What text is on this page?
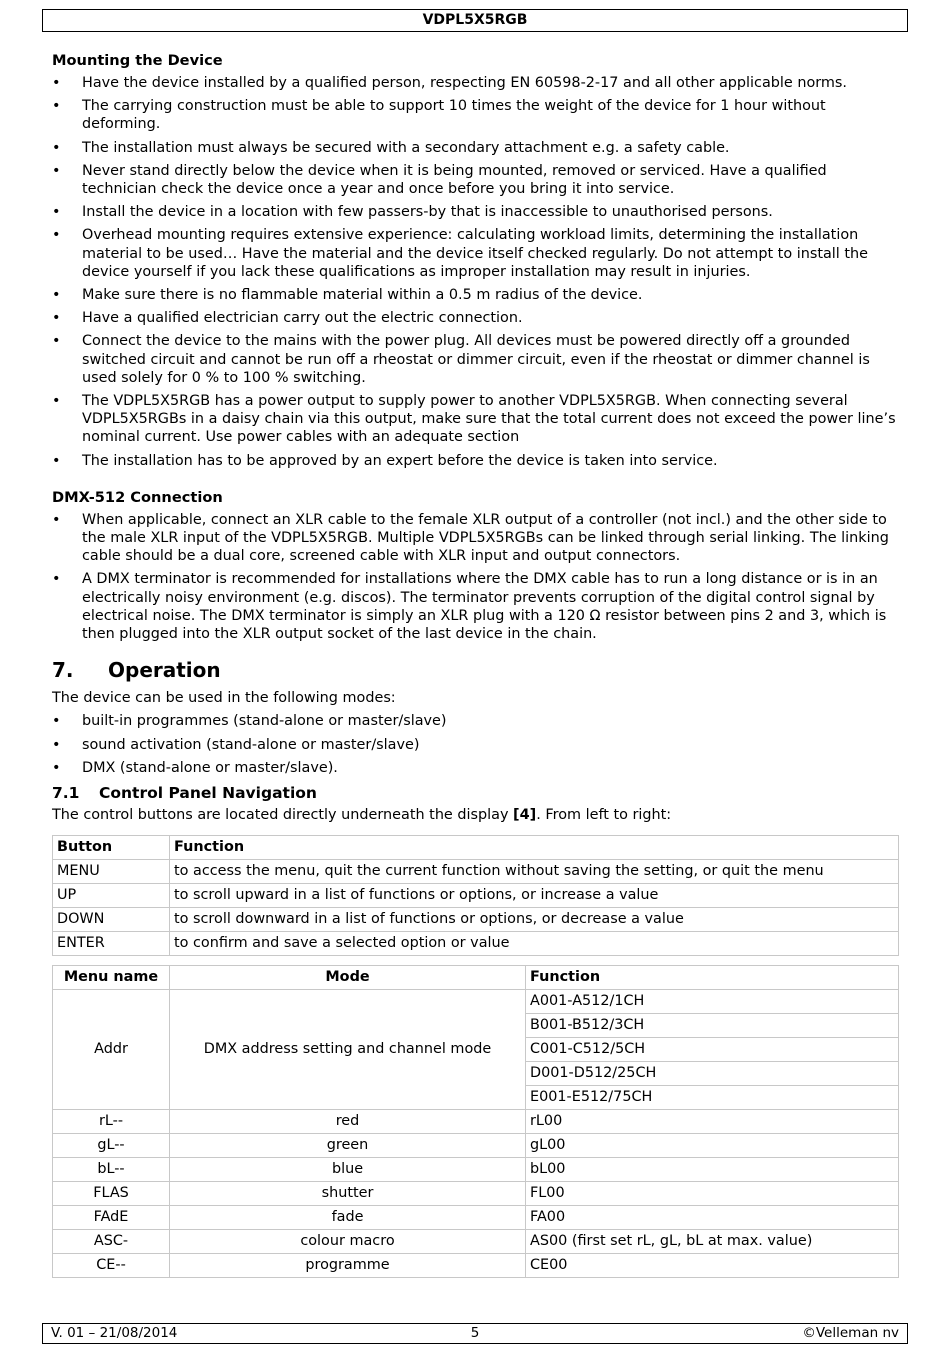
VDPL5X5RGB
Mounting the Device
• Have the device installed by a qualified person, respecting EN 60598-2-17 and all other applicable norms.
• The carrying construction must be able to support 10 times the weight of the device for 1 hour without deforming.
• The installation must always be secured with a secondary attachment e.g. a safety cable.
• Never stand directly below the device when it is being mounted, removed or serviced. Have a qualified technician check the device once a year and once before you bring it into service.
• Install the device in a location with few passers-by that is inaccessible to unauthorised persons.
• Overhead mounting requires extensive experience: calculating workload limits, determining the installation material to be used… Have the material and the device itself checked regularly. Do not attempt to install the device yourself if you lack these qualifications as improper installation may result in injuries.
• Make sure there is no flammable material within a 0.5 m radius of the device.
• Have a qualified electrician carry out the electric connection.
• Connect the device to the mains with the power plug. All devices must be powered directly off a grounded switched circuit and cannot be run off a rheostat or dimmer circuit, even if the rheostat or dimmer channel is used solely for 0 % to 100 % switching.
• The VDPL5X5RGB has a power output to supply power to another VDPL5X5RGB. When connecting several VDPL5X5RGBs in a daisy chain via this output, make sure that the total current does not exceed the power line’s nominal current. Use power cables with an adequate section
• The installation has to be approved by an expert before the device is taken into service.
DMX-512 Connection
• When applicable, connect an XLR cable to the female XLR output of a controller (not incl.) and the other side to the male XLR input of the VDPL5X5RGB. Multiple VDPL5X5RGBs can be linked through serial linking. The linking cable should be a dual core, screened cable with XLR input and output connectors.
• A DMX terminator is recommended for installations where the DMX cable has to run a long distance or is in an electrically noisy environment (e.g. discos). The terminator prevents corruption of the digital control signal by electrical noise. The DMX terminator is simply an XLR plug with a 120 Ω resistor between pins 2 and 3, which is then plugged into the XLR output socket of the last device in the chain.
7. Operation

The device can be used in the following modes:

• built-in programmes (stand-alone or master/slave)
• sound activation (stand-alone or master/slave)
• DMX (stand-alone or master/slave).
7.1 Control Panel Navigation

The control buttons are located directly underneath the display [4]. From left to right:

Button	Function
MENU	to access the menu, quit the current function without saving the setting, or quit the menu
UP	to scroll upward in a list of functions or options, or increase a value
DOWN	to scroll downward in a list of functions or options, or decrease a value
ENTER	to confirm and save a selected option or value
Menu name	Mode	Function
Addr	DMX address setting and channel mode	A001-A512/1CH
		B001-B512/3CH
		C001-C512/5CH
		D001-D512/25CH
		E001-E512/75CH
rL--	red	rL00
gL--	green	gL00
bL--	blue	bL00
FLAS	shutter	FL00
FAdE	fade	FA00
ASC-	colour macro	AS00 (first set rL, gL, bL at max. value)
CE--	programme	CE00
V. 01 – 21/08/2014	5	©Velleman nv
